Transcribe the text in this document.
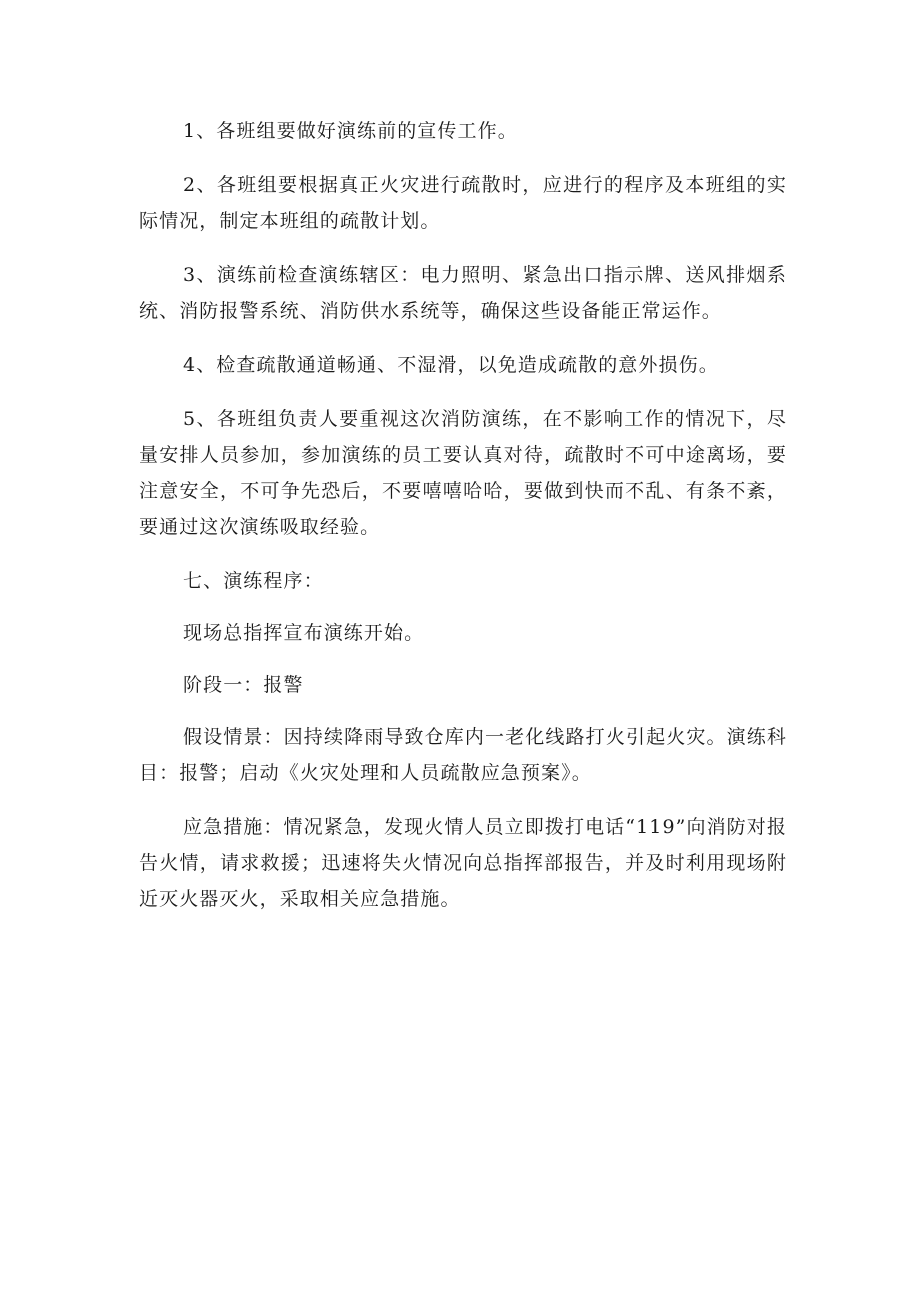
1、各班组要做好演练前的宣传工作。

2、各班组要根据真正火灾进行疏散时，应进行的程序及本班组的实际情况，制定本班组的疏散计划。

3、演练前检查演练辖区：电力照明、紧急出口指示牌、送风排烟系统、消防报警系统、消防供水系统等，确保这些设备能正常运作。

4、检查疏散通道畅通、不湿滑，以免造成疏散的意外损伤。

5、各班组负责人要重视这次消防演练，在不影响工作的情况下，尽量安排人员参加，参加演练的员工要认真对待，疏散时不可中途离场，要注意安全，不可争先恐后，不要嘻嘻哈哈，要做到快而不乱、有条不紊，要通过这次演练吸取经验。

七、演练程序：

现场总指挥宣布演练开始。

阶段一：报警

假设情景：因持续降雨导致仓库内一老化线路打火引起火灾。演练科目：报警；启动《火灾处理和人员疏散应急预案》。

应急措施：情况紧急，发现火情人员立即拨打电话“119”向消防对报告火情，请求救援；迅速将失火情况向总指挥部报告，并及时利用现场附近灭火器灭火，采取相关应急措施。
